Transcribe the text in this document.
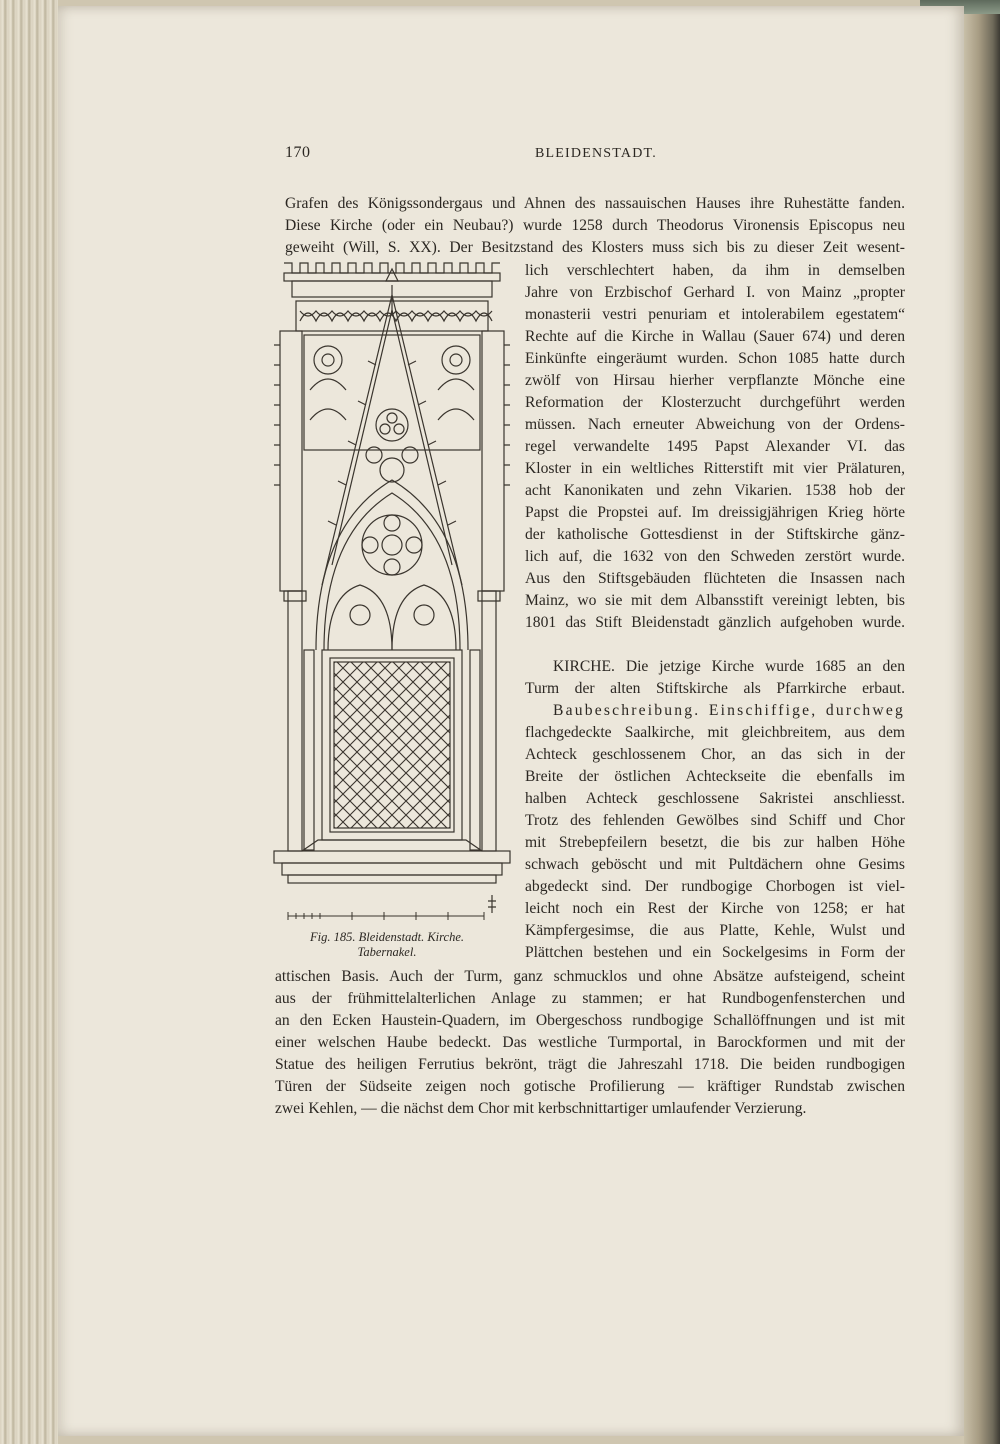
170	BLEIDENSTADT.
Fig. 185. Bleidenstadt. Kirche.
Tabernakel.
Grafen des Königssondergaus und Ahnen des nassauischen Hauses ihre Ruhestätte fanden.
Diese Kirche (oder ein Neubau?) wurde 1258 durch Theodorus Vironensis Episcopus neu
geweiht (Will, S. XX). Der Besitzstand des Klosters muss sich bis zu dieser Zeit wesent-
lich verschlechtert haben, da ihm in demselben
Jahre von Erzbischof Gerhard I. von Mainz „propter
monasterii vestri penuriam et intolerabilem egestatem“
Rechte auf die Kirche in Wallau (Sauer 674) und deren
Einkünfte eingeräumt wurden. Schon 1085 hatte durch
zwölf von Hirsau hierher verpflanzte Mönche eine
Reformation der Klosterzucht durchgeführt werden
müssen. Nach erneuter Abweichung von der Ordens-
regel verwandelte 1495 Papst Alexander VI. das
Kloster in ein weltliches Ritterstift mit vier Prälaturen,
acht Kanonikaten und zehn Vikarien. 1538 hob der
Papst die Propstei auf. Im dreissigjährigen Krieg hörte
der katholische Gottesdienst in der Stiftskirche gänz-
lich auf, die 1632 von den Schweden zerstört wurde.
Aus den Stiftsgebäuden flüchteten die Insassen nach
Mainz, wo sie mit dem Albansstift vereinigt lebten, bis
1801 das Stift Bleidenstadt gänzlich aufgehoben wurde.
KIRCHE. Die jetzige Kirche wurde 1685 an den
Turm der alten Stiftskirche als Pfarrkirche erbaut.
Baubeschreibung. Einschiffige, durchweg
flachgedeckte Saalkirche, mit gleichbreitem, aus dem
Achteck geschlossenem Chor, an das sich in der
Breite der östlichen Achteckseite die ebenfalls im
halben Achteck geschlossene Sakristei anschliesst.
Trotz des fehlenden Gewölbes sind Schiff und Chor
mit Strebepfeilern besetzt, die bis zur halben Höhe
schwach geböscht und mit Pultdächern ohne Gesims
abgedeckt sind. Der rundbogige Chorbogen ist viel-
leicht noch ein Rest der Kirche von 1258; er hat
Kämpfergesimse, die aus Platte, Kehle, Wulst und
Plättchen bestehen und ein Sockelgesims in Form der
attischen Basis. Auch der Turm, ganz schmucklos und ohne Absätze aufsteigend, scheint
aus der frühmittelalterlichen Anlage zu stammen; er hat Rundbogenfensterchen und
an den Ecken Haustein-Quadern, im Obergeschoss rundbogige Schallöffnungen und ist mit
einer welschen Haube bedeckt. Das westliche Turmportal, in Barockformen und mit der
Statue des heiligen Ferrutius bekrönt, trägt die Jahreszahl 1718. Die beiden rundbogigen
Türen der Südseite zeigen noch gotische Profilierung — kräftiger Rundstab zwischen
zwei Kehlen, — die nächst dem Chor mit kerbschnittartiger umlaufender Verzierung.
